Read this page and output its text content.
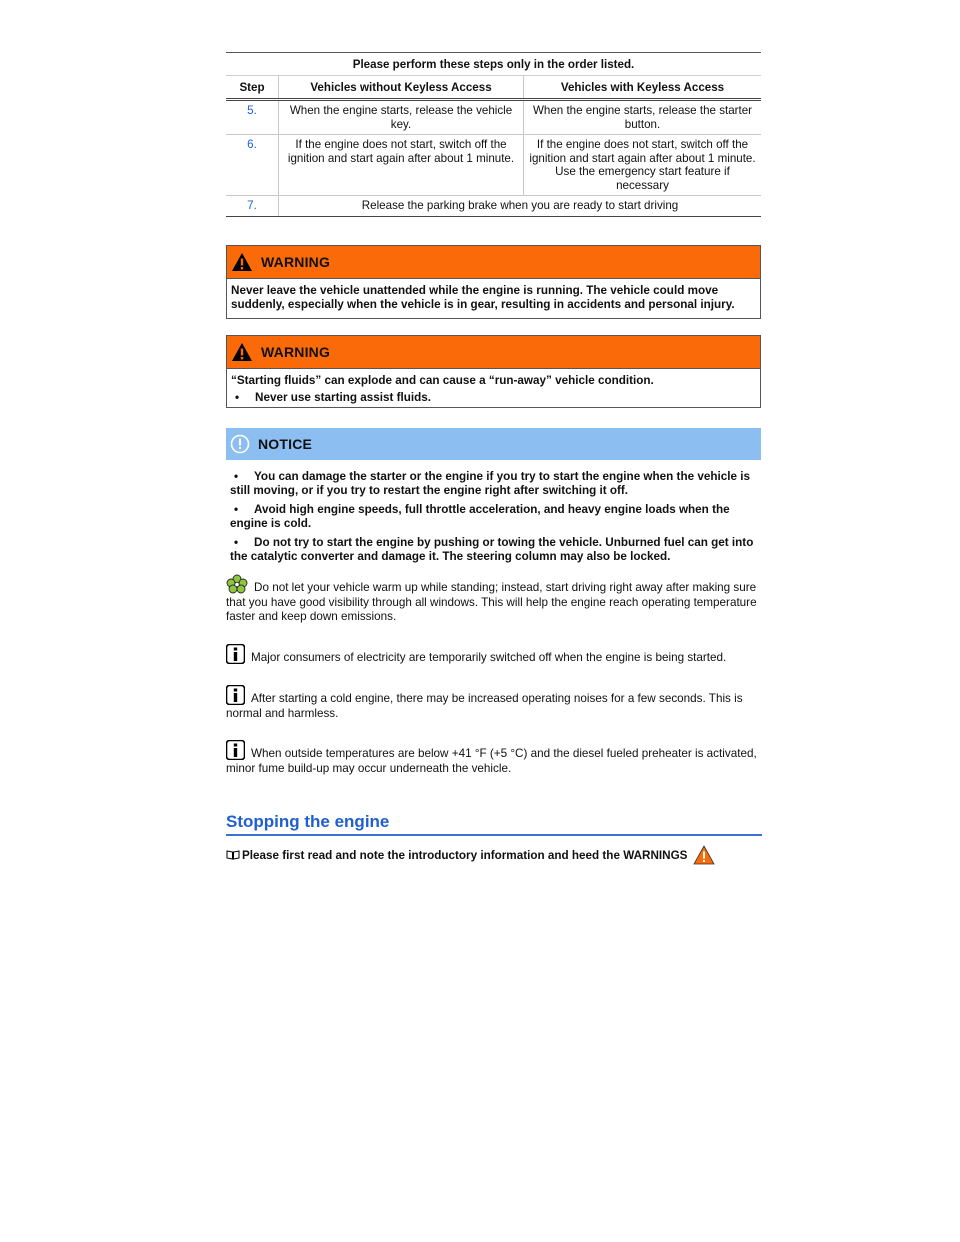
Please perform these steps only in the order listed.		
Step	Vehicles without Keyless Access	Vehicles with Keyless Access
5.	When the engine starts, release the vehicle key.	When the engine starts, release the starter button.
6.	If the engine does not start, switch off the ignition and start again after about 1 minute.	If the engine does not start, switch off the ignition and start again after about 1 minute. Use the emergency start feature if necessary
7.	Release the parking brake when you are ready to start driving	
WARNING
Never leave the vehicle unattended while the engine is running. The vehicle could move suddenly, especially when the vehicle is in gear, resulting in accidents and personal injury.
WARNING
“Starting fluids” can explode and can cause a “run-away” vehicle condition.
•	Never use starting assist fluids.
NOTICE
• You can damage the starter or the engine if you try to start the engine when the vehicle is still moving, or if you try to restart the engine right after switching it off.
• Avoid high engine speeds, full throttle acceleration, and heavy engine loads when the engine is cold.
• Do not try to start the engine by pushing or towing the vehicle. Unburned fuel can get into the catalytic converter and damage it. The steering column may also be locked.
Do not let your vehicle warm up while standing; instead, start driving right away after making sure that you have good visibility through all windows. This will help the engine reach operating temperature faster and keep down emissions.
Major consumers of electricity are temporarily switched off when the engine is being started.
After starting a cold engine, there may be increased operating noises for a few seconds. This is normal and harmless.
When outside temperatures are below +41 °F (+5 °C) and the diesel fueled preheater is activated, minor fume build-up may occur underneath the vehicle.
Stopping the engine
Please first read and note the introductory information and heed the WARNINGS
